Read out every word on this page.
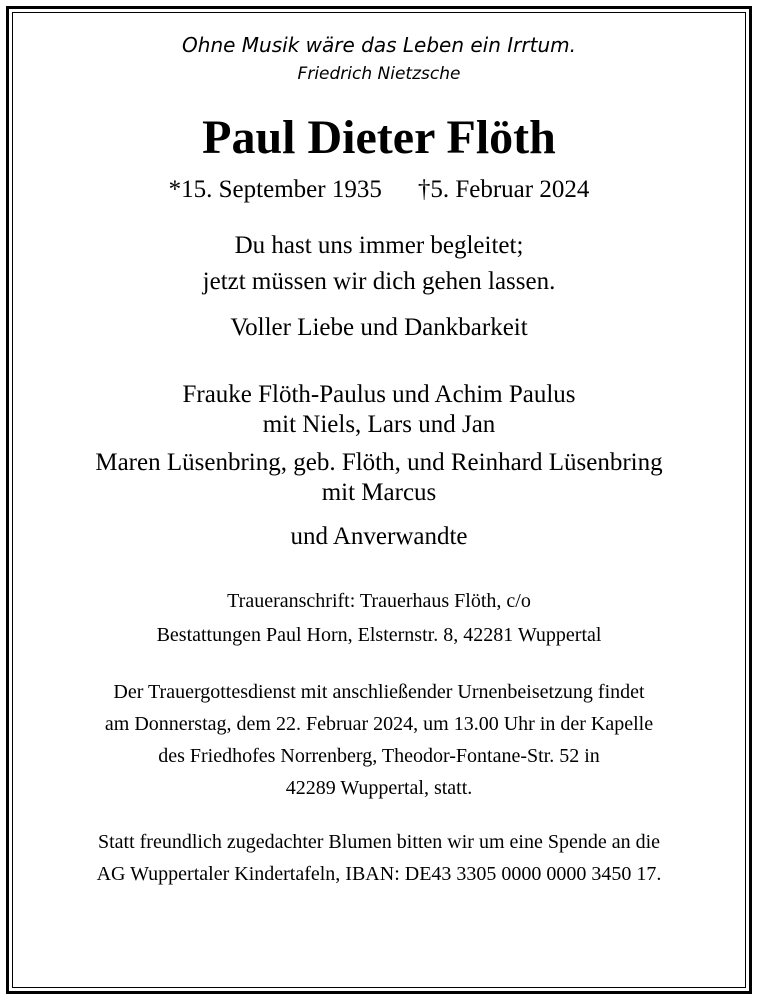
Ohne Musik wäre das Leben ein Irrtum.
Friedrich Nietzsche
Paul Dieter Flöth
*15. September 1935 †5. Februar 2024
Du hast uns immer begleitet;
jetzt müssen wir dich gehen lassen.
Voller Liebe und Dankbarkeit
Frauke Flöth-Paulus und Achim Paulus
mit Niels, Lars und Jan
Maren Lüsenbring, geb. Flöth, und Reinhard Lüsenbring
mit Marcus
und Anverwandte
Traueranschrift: Trauerhaus Flöth, c/o
Bestattungen Paul Horn, Elsternstr. 8, 42281 Wuppertal
Der Trauergottesdienst mit anschließender Urnenbeisetzung findet
am Donnerstag, dem 22. Februar 2024, um 13.00 Uhr in der Kapelle
des Friedhofes Norrenberg, Theodor-Fontane-Str. 52 in
42289 Wuppertal, statt.
Statt freundlich zugedachter Blumen bitten wir um eine Spende an die
AG Wuppertaler Kindertafeln, IBAN: DE43 3305 0000 0000 3450 17.
